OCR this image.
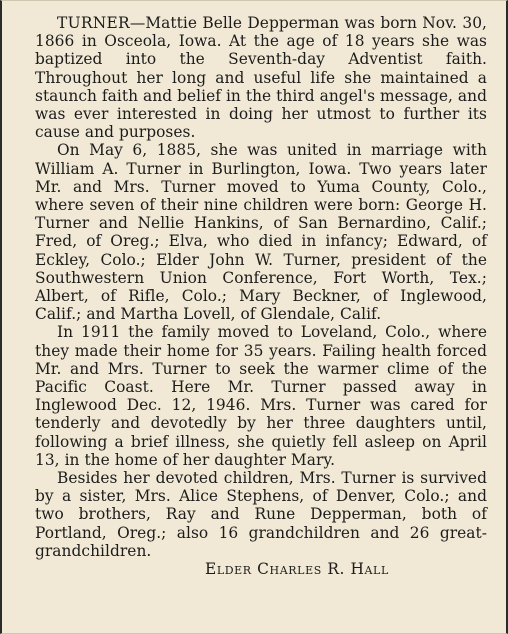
TURNER—Mattie Belle Depperman was born Nov. 30, 1866 in Osceola, Iowa. At the age of 18 years she was baptized into the Seventh-day Adventist faith. Throughout her long and useful life she maintained a staunch faith and belief in the third angel's message, and was ever interested in doing her utmost to further its cause and purposes.

On May 6, 1885, she was united in marriage with William A. Turner in Burlington, Iowa. Two years later Mr. and Mrs. Turner moved to Yuma County, Colo., where seven of their nine children were born: George H. Turner and Nellie Hankins, of San Bernardino, Calif.; Fred, of Oreg.; Elva, who died in infancy; Edward, of Eckley, Colo.; Elder John W. Turner, president of the Southwestern Union Conference, Fort Worth, Tex.; Albert, of Rifle, Colo.; Mary Beckner, of Inglewood, Calif.; and Martha Lovell, of Glendale, Calif.

In 1911 the family moved to Loveland, Colo., where they made their home for 35 years. Failing health forced Mr. and Mrs. Turner to seek the warmer clime of the Pacific Coast. Here Mr. Turner passed away in Inglewood Dec. 12, 1946. Mrs. Turner was cared for tenderly and devotedly by her three daughters until, following a brief illness, she quietly fell asleep on April 13, in the home of her daughter Mary.

Besides her devoted children, Mrs. Turner is survived by a sister, Mrs. Alice Stephens, of Denver, Colo.; and two brothers, Ray and Rune Depperman, both of Portland, Oreg.; also 16 grandchildren and 26 great-grandchildren.

Elder Charles R. Hall
